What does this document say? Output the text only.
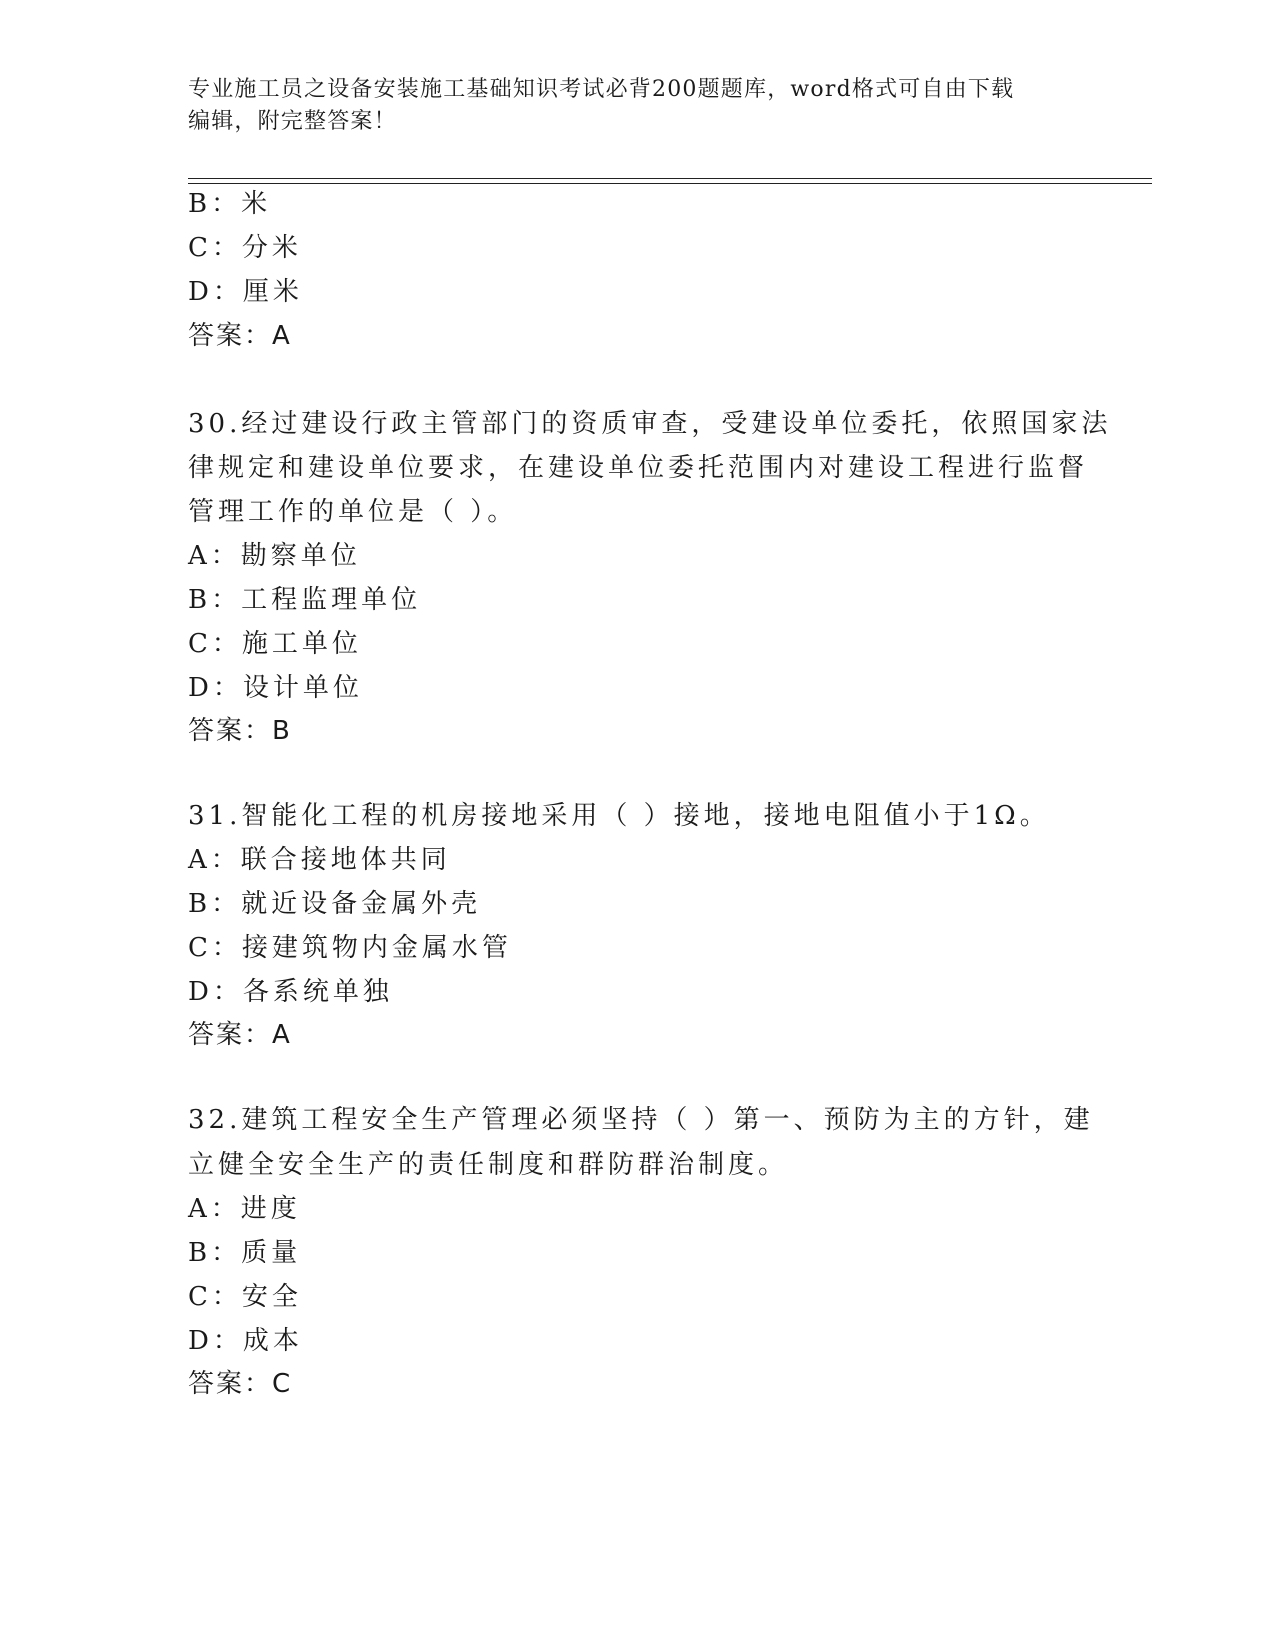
专业施工员之设备安装施工基础知识考试必背200题题库，word格式可自由下载
编辑，附完整答案！
B：米
C：分米
D：厘米
答案：A
30.经过建设行政主管部门的资质审查，受建设单位委托，依照国家法
律规定和建设单位要求，在建设单位委托范围内对建设工程进行监督
管理工作的单位是（ ）。
A：勘察单位
B：工程监理单位
C：施工单位
D：设计单位
答案：B
31.智能化工程的机房接地采用（ ）接地，接地电阻值小于1Ω。
A：联合接地体共同
B：就近设备金属外壳
C：接建筑物内金属水管
D：各系统单独
答案：A
32.建筑工程安全生产管理必须坚持（ ）第一、预防为主的方针，建
立健全安全生产的责任制度和群防群治制度。
A：进度
B：质量
C：安全
D：成本
答案：C
